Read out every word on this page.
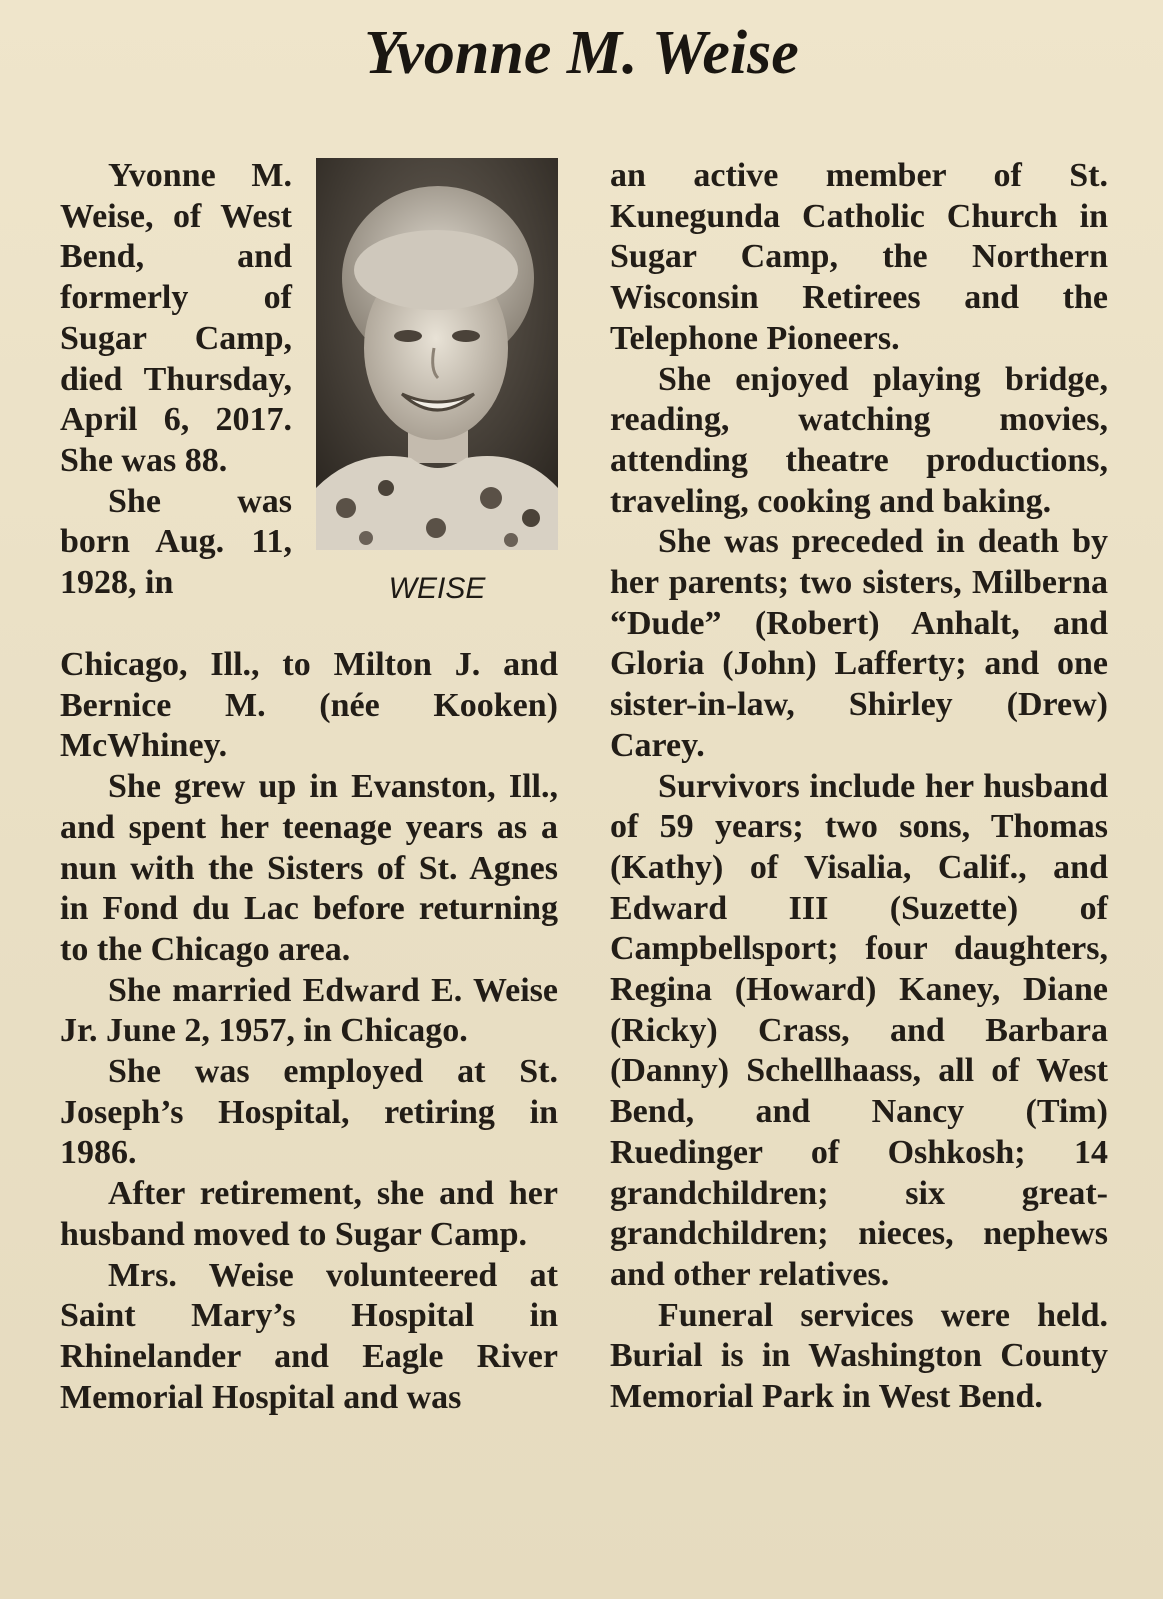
Yvonne M. Weise

Yvonne M. Weise, of West Bend, and formerly of Sugar Camp, died Thursday, April 6, 2017. She was 88.

She was born Aug. 11, 1928, in	WEISE

Chicago, Ill., to Milton J. and Bernice M. (née Kooken) McWhiney.

She grew up in Evanston, Ill., and spent her teenage years as a nun with the Sisters of St. Agnes in Fond du Lac before returning to the Chicago area.

She married Edward E. Weise Jr. June 2, 1957, in Chicago.

She was employed at St. Joseph’s Hospital, retiring in 1986.

After retirement, she and her husband moved to Sugar Camp.

Mrs. Weise volunteered at Saint Mary’s Hospital in Rhinelander and Eagle River Memorial Hospital and was

an active member of St. Kunegunda Catholic Church in Sugar Camp, the Northern Wisconsin Retirees and the Telephone Pioneers.

She enjoyed playing bridge, reading, watching movies, attending theatre productions, traveling, cooking and baking.

She was preceded in death by her parents; two sisters, Milberna “Dude” (Robert) Anhalt, and Gloria (John) Lafferty; and one sister-in-law, Shirley (Drew) Carey.

Survivors include her husband of 59 years; two sons, Thomas (Kathy) of Visalia, Calif., and Edward III (Suzette) of Campbellsport; four daughters, Regina (Howard) Kaney, Diane (Ricky) Crass, and Barbara (Danny) Schellhaass, all of West Bend, and Nancy (Tim) Ruedinger of Oshkosh; 14 grandchildren; six great-grandchildren; nieces, nephews and other relatives.

Funeral services were held. Burial is in Washington County Memorial Park in West Bend.
